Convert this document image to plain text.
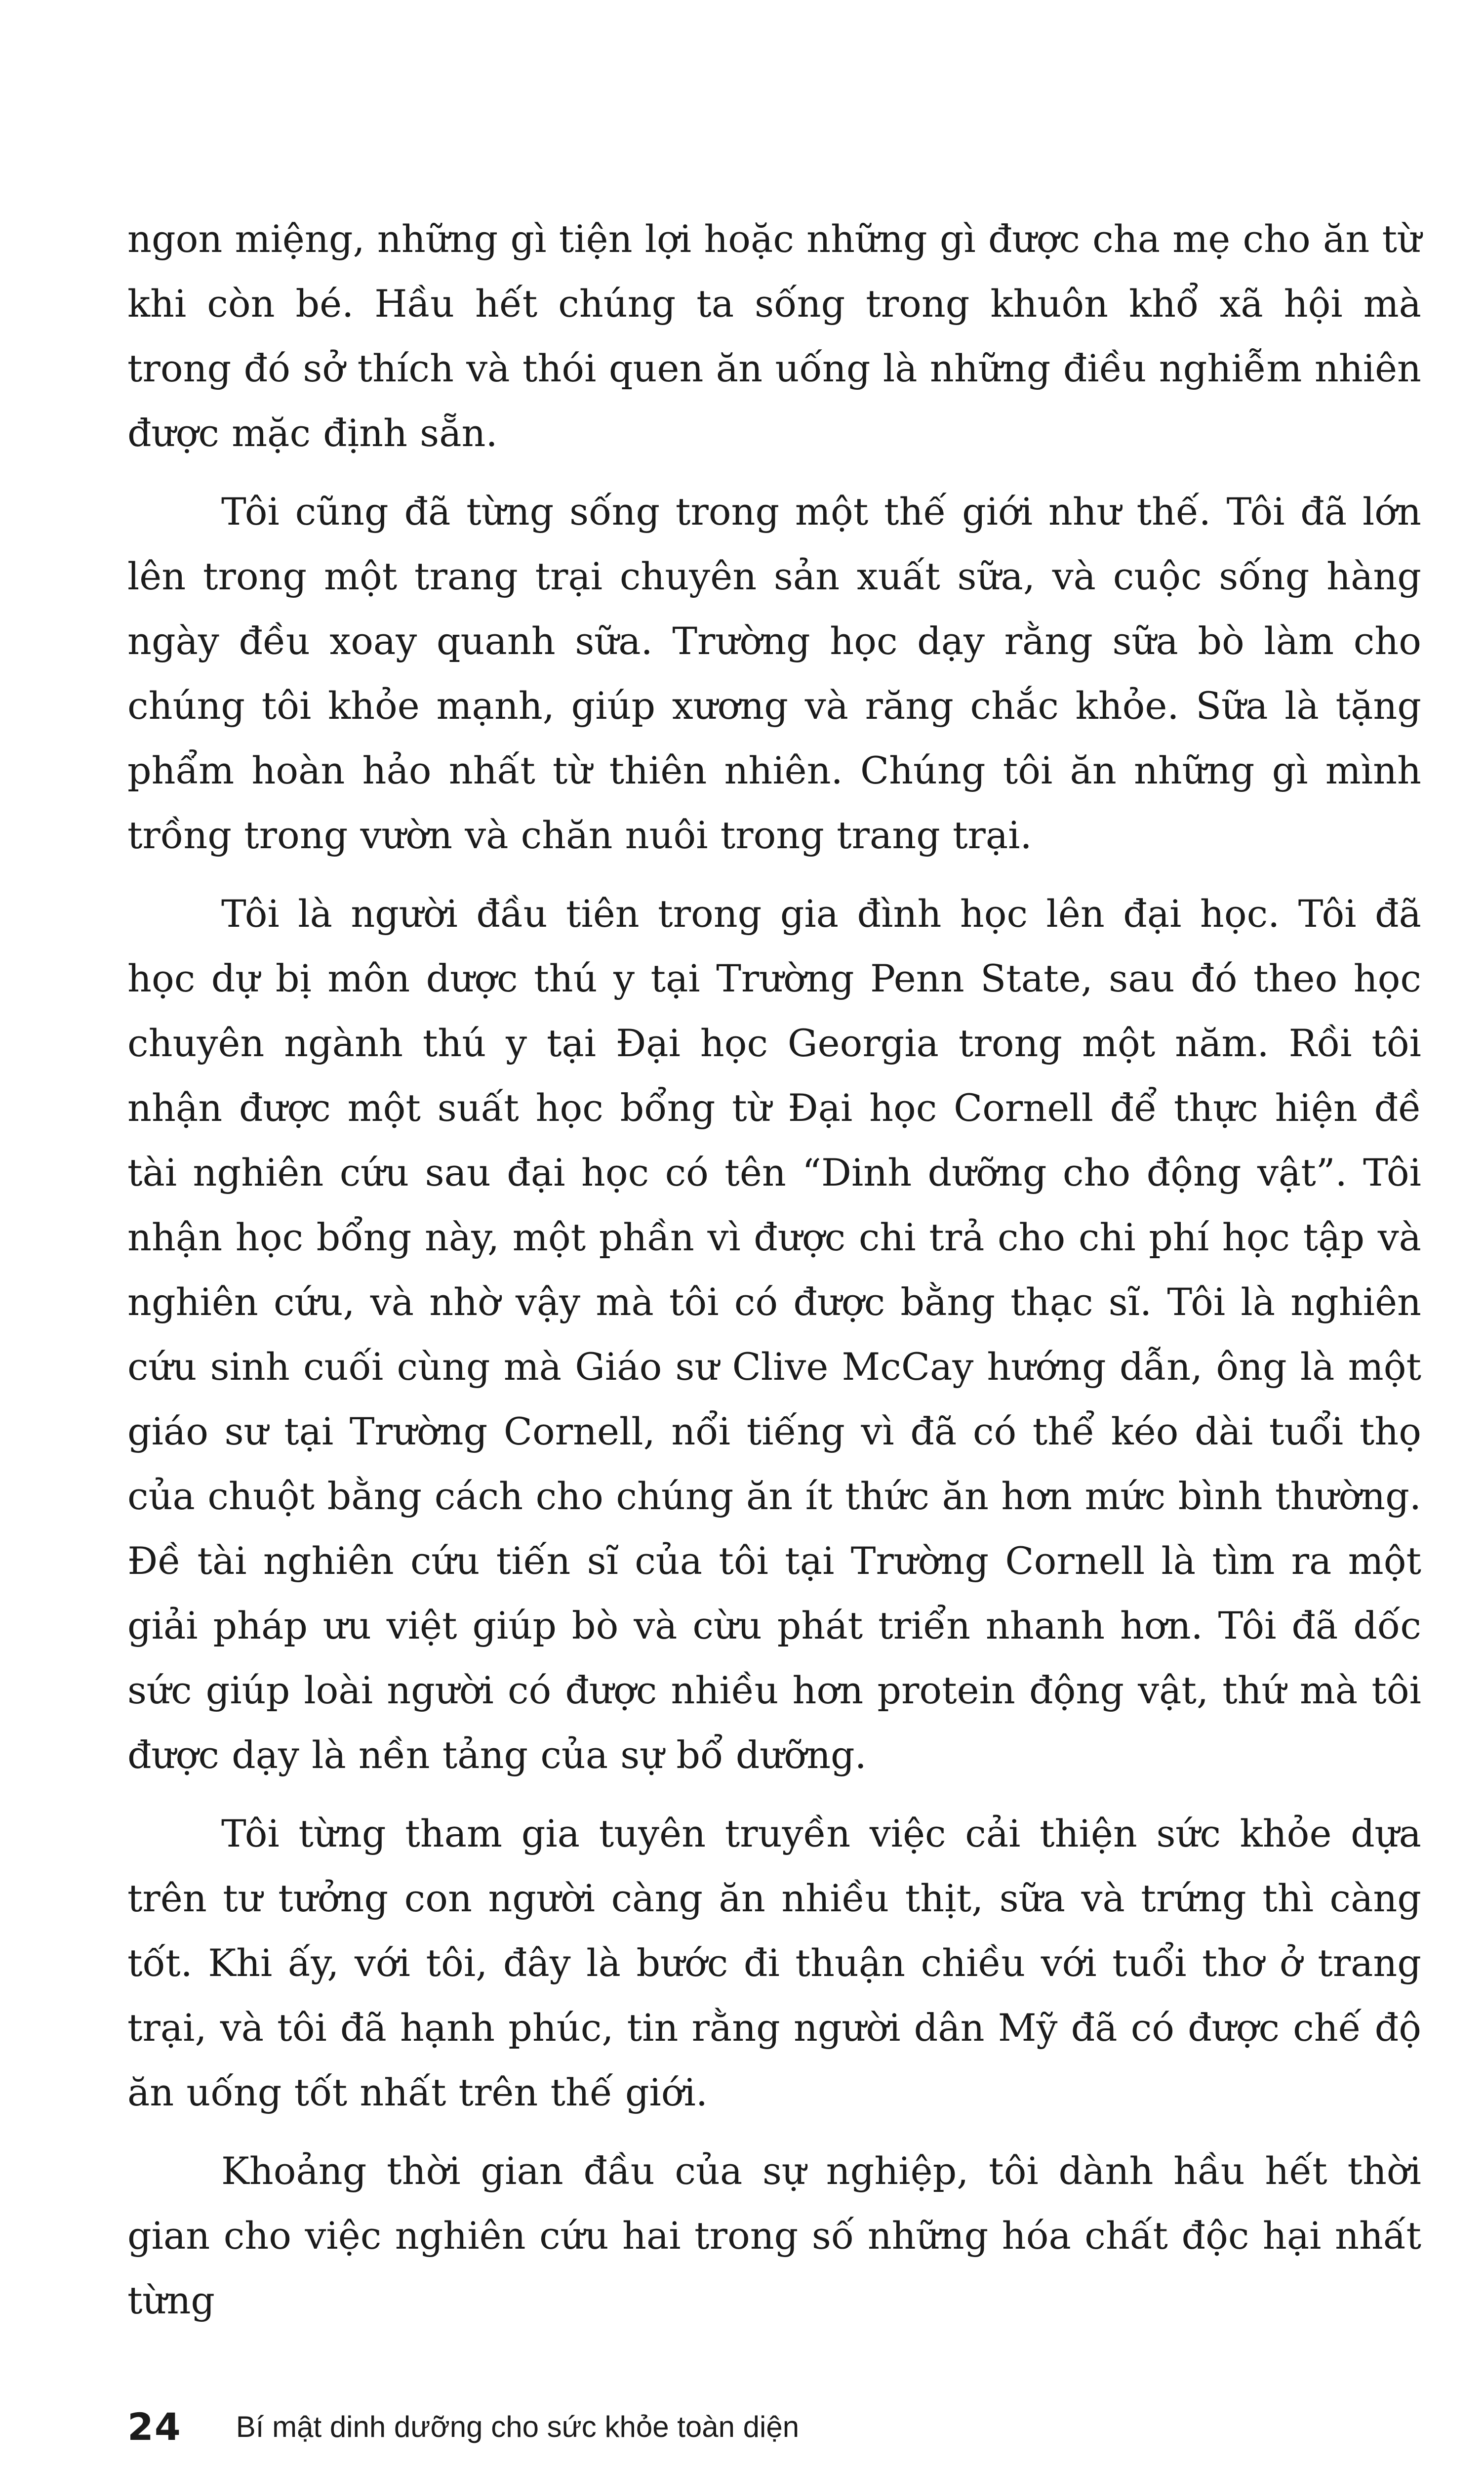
ngon miệng, những gì tiện lợi hoặc những gì được cha mẹ cho ăn từ khi còn bé. Hầu hết chúng ta sống trong khuôn khổ xã hội mà trong đó sở thích và thói quen ăn uống là những điều nghiễm nhiên được mặc định sẵn.

Tôi cũng đã từng sống trong một thế giới như thế. Tôi đã lớn lên trong một trang trại chuyên sản xuất sữa, và cuộc sống hàng ngày đều xoay quanh sữa. Trường học dạy rằng sữa bò làm cho chúng tôi khỏe mạnh, giúp xương và răng chắc khỏe. Sữa là tặng phẩm hoàn hảo nhất từ thiên nhiên. Chúng tôi ăn những gì mình trồng trong vườn và chăn nuôi trong trang trại.

Tôi là người đầu tiên trong gia đình học lên đại học. Tôi đã học dự bị môn dược thú y tại Trường Penn State, sau đó theo học chuyên ngành thú y tại Đại học Georgia trong một năm. Rồi tôi nhận được một suất học bổng từ Đại học Cornell để thực hiện đề tài nghiên cứu sau đại học có tên “Dinh dưỡng cho động vật”. Tôi nhận học bổng này, một phần vì được chi trả cho chi phí học tập và nghiên cứu, và nhờ vậy mà tôi có được bằng thạc sĩ. Tôi là nghiên cứu sinh cuối cùng mà Giáo sư Clive McCay hướng dẫn, ông là một giáo sư tại Trường Cornell, nổi tiếng vì đã có thể kéo dài tuổi thọ của chuột bằng cách cho chúng ăn ít thức ăn hơn mức bình thường. Đề tài nghiên cứu tiến sĩ của tôi tại Trường Cornell là tìm ra một giải pháp ưu việt giúp bò và cừu phát triển nhanh hơn. Tôi đã dốc sức giúp loài người có được nhiều hơn protein động vật, thứ mà tôi được dạy là nền tảng của sự bổ dưỡng.

Tôi từng tham gia tuyên truyền việc cải thiện sức khỏe dựa trên tư tưởng con người càng ăn nhiều thịt, sữa và trứng thì càng tốt. Khi ấy, với tôi, đây là bước đi thuận chiều với tuổi thơ ở trang trại, và tôi đã hạnh phúc, tin rằng người dân Mỹ đã có được chế độ ăn uống tốt nhất trên thế giới.

Khoảng thời gian đầu của sự nghiệp, tôi dành hầu hết thời gian cho việc nghiên cứu hai trong số những hóa chất độc hại nhất từng

24 Bí mật dinh dưỡng cho sức khỏe toàn diện
